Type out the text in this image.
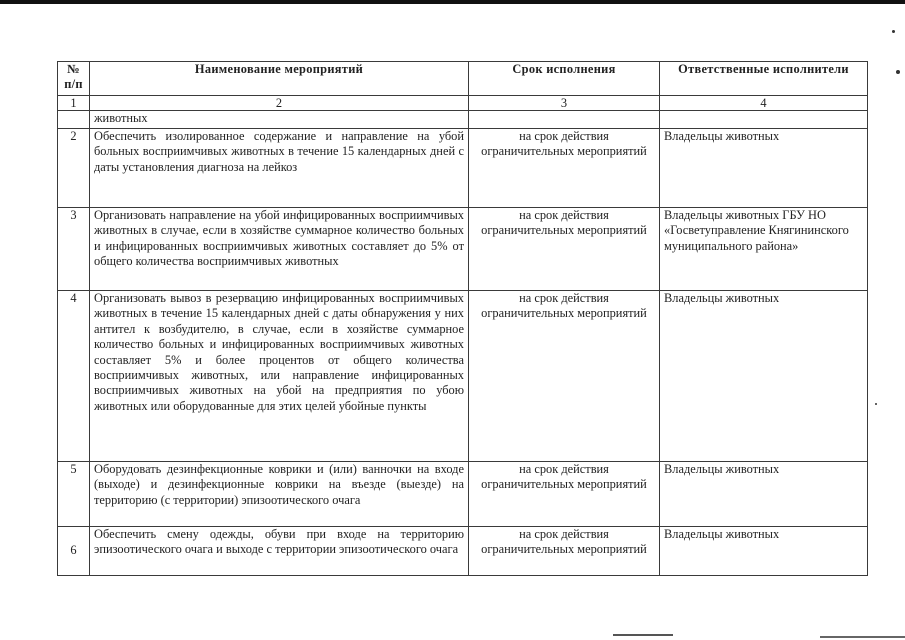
№ п/п	Наименование мероприятий	Срок исполнения	Ответственные исполнители
1	2	3	4
	животных		
2	Обеспечить изолированное содержание и направление на убой больных восприимчивых животных в течение 15 календарных дней с даты установления диагноза на лейкоз	на срок действия ограничительных мероприятий	Владельцы животных
3	Организовать направление на убой инфицированных восприимчивых животных в случае, если в хозяйстве суммарное количество больных и инфицированных восприимчивых животных составляет до 5% от общего количества восприимчивых животных	на срок действия ограничительных мероприятий	Владельцы животных ГБУ НО «Госветуправление Княгининского муниципального района»
4	Организовать вывоз в резервацию инфицированных восприимчивых животных в течение 15 календарных дней с даты обнаружения у них антител к возбудителю, в случае, если в хозяйстве суммарное количество больных и инфицированных восприимчивых животных составляет 5% и более процентов от общего количества восприимчивых животных, или направление инфицированных восприимчивых животных на убой на предприятия по убою животных или оборудованные для этих целей убойные пункты	на срок действия ограничительных мероприятий	Владельцы животных
5	Оборудовать дезинфекционные коврики и (или) ванночки на входе (выходе) и дезинфекционные коврики на въезде (выезде) на территорию (с территории) эпизоотического очага	на срок действия ограничительных мероприятий	Владельцы животных
6	Обеспечить смену одежды, обуви при входе на территорию эпизоотического очага и выходе с территории эпизоотического очага	на срок действия ограничительных мероприятий	Владельцы животных
